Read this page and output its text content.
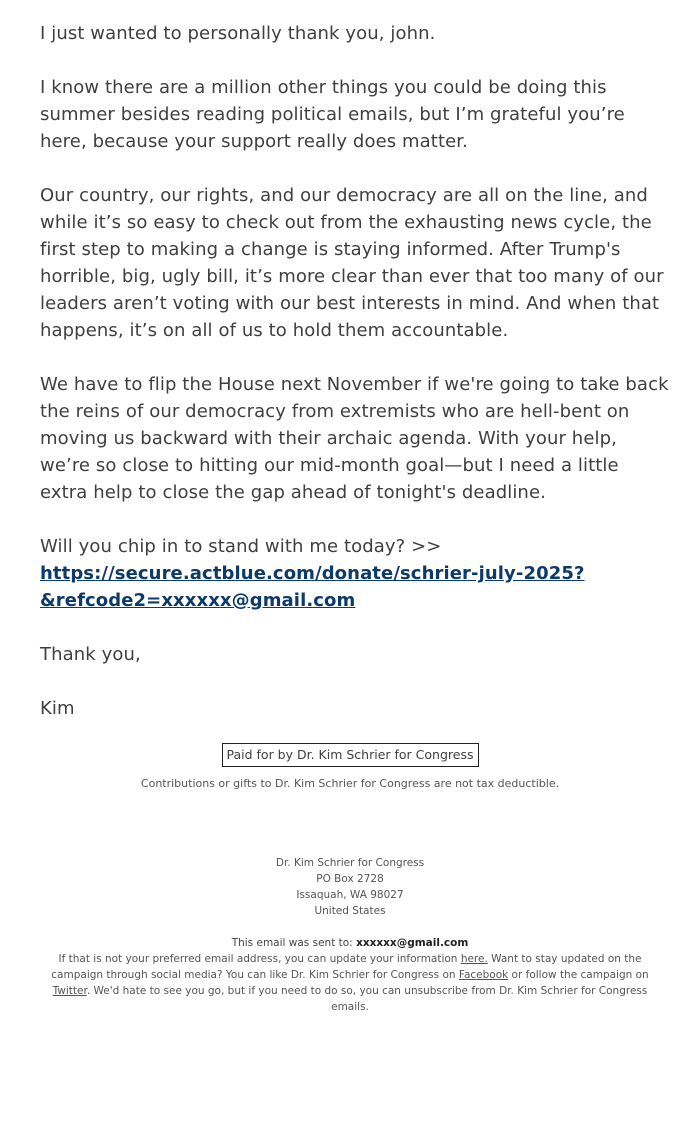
I just wanted to personally thank you, john.

I know there are a million other things you could be doing this summer besides reading political emails, but I’m grateful you’re here, because your support really does matter.

Our country, our rights, and our democracy are all on the line, and while it’s so easy to check out from the exhausting news cycle, the first step to making a change is staying informed. After Trump's horrible, big, ugly bill, it’s more clear than ever that too many of our leaders aren’t voting with our best interests in mind. And when that happens, it’s on all of us to hold them accountable.

We have to flip the House next November if we're going to take back the reins of our democracy from extremists who are hell-bent on moving us backward with their archaic agenda. With your help, we’re so close to hitting our mid-month goal—but I need a little extra help to close the gap ahead of tonight's deadline.

Will you chip in to stand with me today? >>
https://secure.actblue.com/donate/schrier-july-2025?
&refcode2=xxxxxx@gmail.com

Thank you,

Kim

Paid for by Dr. Kim Schrier for Congress
Contributions or gifts to Dr. Kim Schrier for Congress are not tax deductible.
Dr. Kim Schrier for Congress
PO Box 2728
Issaquah, WA 98027
United States
This email was sent to: xxxxxx@gmail.com
If that is not your preferred email address, you can update your information here. Want to stay updated on the campaign through social media? You can like Dr. Kim Schrier for Congress on Facebook or follow the campaign on Twitter. We'd hate to see you go, but if you need to do so, you can unsubscribe from Dr. Kim Schrier for Congress emails.
